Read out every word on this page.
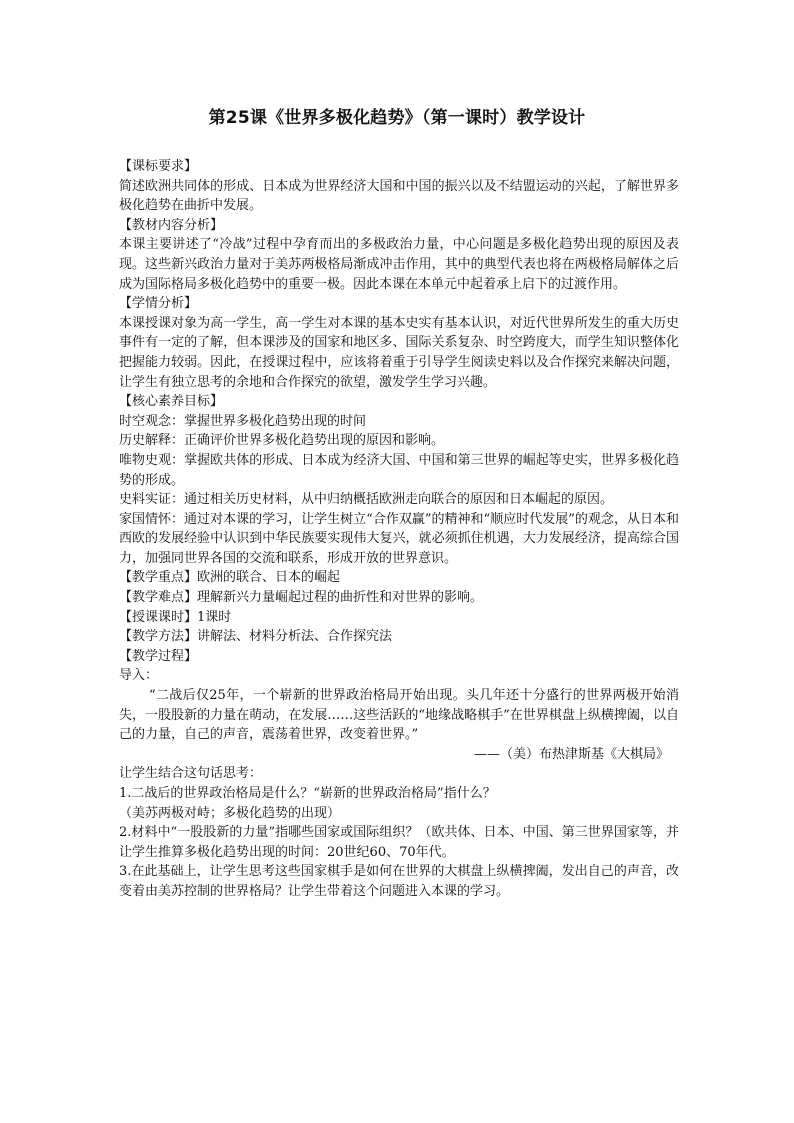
第25课《世界多极化趋势》（第一课时）教学设计

【课标要求】

简述欧洲共同体的形成、日本成为世界经济大国和中国的振兴以及不结盟运动的兴起，了解世界多极化趋势在曲折中发展。

【教材内容分析】

本课主要讲述了“冷战”过程中孕育而出的多极政治力量，中心问题是多极化趋势出现的原因及表现。这些新兴政治力量对于美苏两极格局渐成冲击作用，其中的典型代表也将在两极格局解体之后成为国际格局多极化趋势中的重要一极。因此本课在本单元中起着承上启下的过渡作用。

【学情分析】

本课授课对象为高一学生，高一学生对本课的基本史实有基本认识，对近代世界所发生的重大历史事件有一定的了解，但本课涉及的国家和地区多、国际关系复杂、时空跨度大，而学生知识整体化把握能力较弱。因此，在授课过程中，应该将着重于引导学生阅读史料以及合作探究来解决问题，让学生有独立思考的余地和合作探究的欲望，激发学生学习兴趣。

【核心素养目标】

时空观念：掌握世界多极化趋势出现的时间

历史解释：正确评价世界多极化趋势出现的原因和影响。

唯物史观：掌握欧共体的形成、日本成为经济大国、中国和第三世界的崛起等史实，世界多极化趋势的形成。

史料实证：通过相关历史材料，从中归纳概括欧洲走向联合的原因和日本崛起的原因。

家国情怀：通过对本课的学习，让学生树立“合作双赢”的精神和“顺应时代发展”的观念，从日本和西欧的发展经验中认识到中华民族要实现伟大复兴，就必须抓住机遇，大力发展经济，提高综合国力，加强同世界各国的交流和联系，形成开放的世界意识。

【教学重点】欧洲的联合、日本的崛起

【教学难点】理解新兴力量崛起过程的曲折性和对世界的影响。

【授课课时】1课时

【教学方法】讲解法、材料分析法、合作探究法

【教学过程】

导入：

“二战后仅25年，一个崭新的世界政治格局开始出现。头几年还十分盛行的世界两极开始消失，一股股新的力量在萌动，在发展……这些活跃的“地缘战略棋手”在世界棋盘上纵横捭阖，以自己的力量，自己的声音，震荡着世界，改变着世界。”

——（美）布热津斯基《大棋局》

让学生结合这句话思考：

1.二战后的世界政治格局是什么？“崭新的世界政治格局”指什么？

（美苏两极对峙；多极化趋势的出现）

2.材料中“一股股新的力量”指哪些国家或国际组织？（欧共体、日本、中国、第三世界国家等，并让学生推算多极化趋势出现的时间：20世纪60、70年代。

3.在此基础上，让学生思考这些国家棋手是如何在世界的大棋盘上纵横捭阖，发出自己的声音，改变着由美苏控制的世界格局？让学生带着这个问题进入本课的学习。
